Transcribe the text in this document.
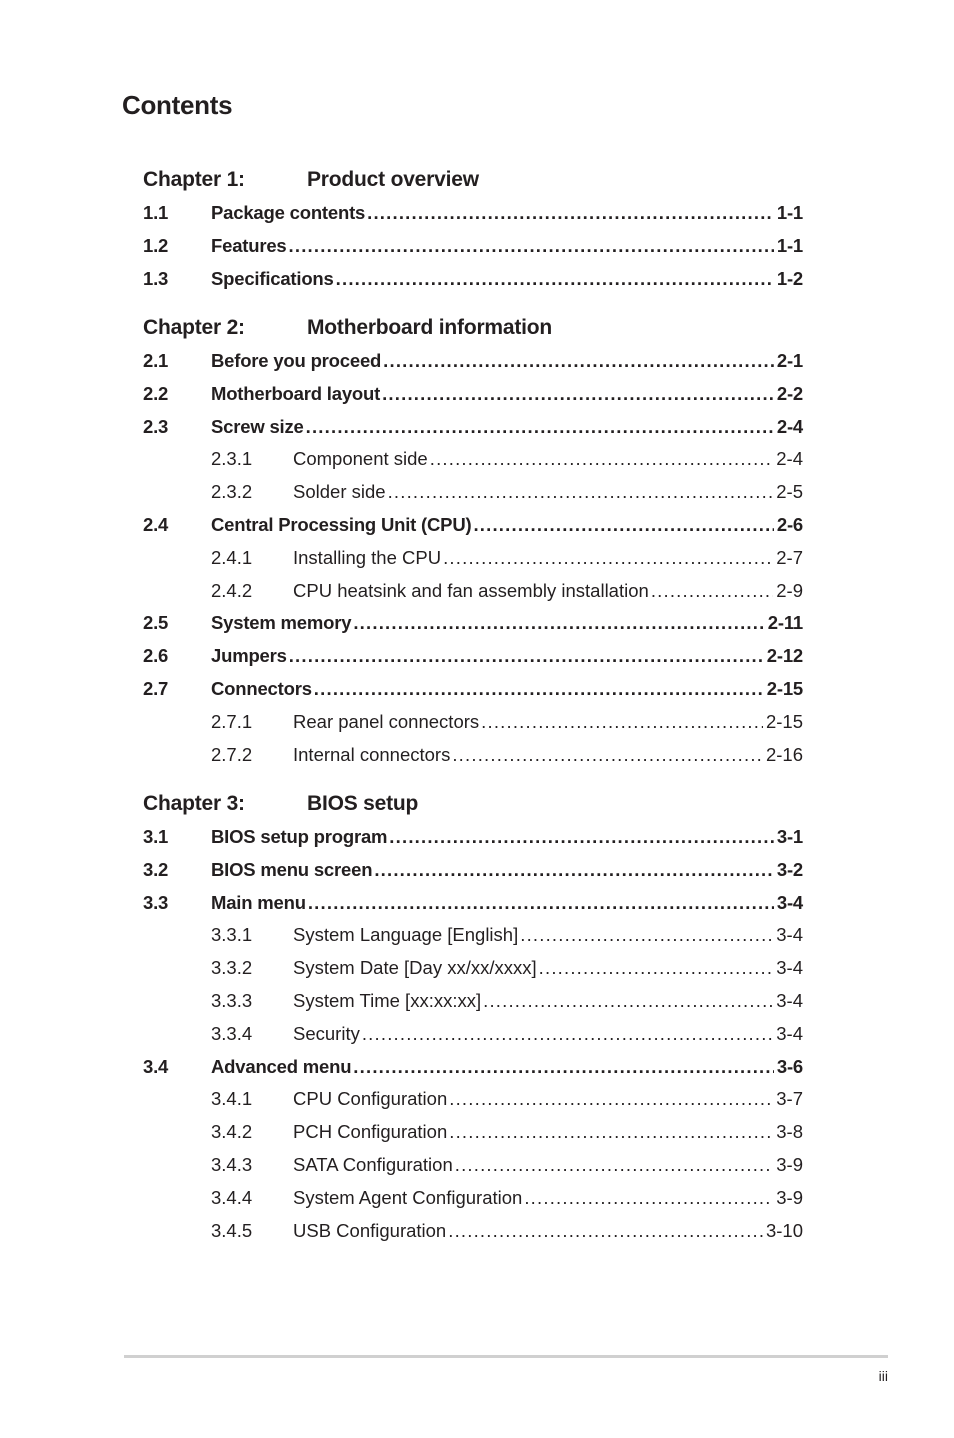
Contents
Chapter 1:	Product overview
1.1	Package contents .....	1-1
1.2	Features .....	1-1
1.3	Specifications .....	1-2
Chapter 2:	Motherboard information
2.1	Before you proceed .....	2-1
2.2	Motherboard layout .....	2-2
2.3	Screw size .....	2-4
2.3.1	Component side .....	2-4
2.3.2	Solder side .....	2-5
2.4	Central Processing Unit (CPU) .....	2-6
2.4.1	Installing the CPU .....	2-7
2.4.2	CPU heatsink and fan assembly installation .....	2-9
2.5	System memory .....	2-11
2.6	Jumpers .....	2-12
2.7	Connectors .....	2-15
2.7.1	Rear panel connectors .....	2-15
2.7.2	Internal connectors .....	2-16
Chapter 3:	BIOS setup
3.1	BIOS setup program .....	3-1
3.2	BIOS menu screen .....	3-2
3.3	Main menu .....	3-4
3.3.1	System Language [English] .....	3-4
3.3.2	System Date [Day xx/xx/xxxx] .....	3-4
3.3.3	System Time [xx:xx:xx] .....	3-4
3.3.4	Security .....	3-4
3.4	Advanced menu .....	3-6
3.4.1	CPU Configuration .....	3-7
3.4.2	PCH Configuration .....	3-8
3.4.3	SATA Configuration .....	3-9
3.4.4	System Agent Configuration .....	3-9
3.4.5	USB Configuration .....	3-10
iii
